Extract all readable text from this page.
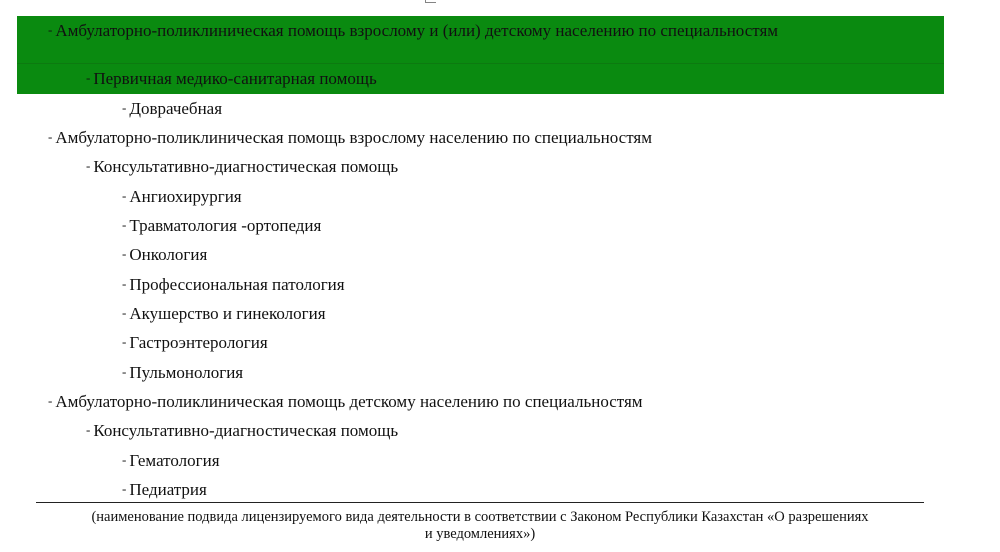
- Амбулаторно-поликлиническая помощь взрослому и (или) детскому населению по специальностям
- Первичная медико-санитарная помощь
- Доврачебная
- Амбулаторно-поликлиническая помощь взрослому населению по специальностям
- Консультативно-диагностическая помощь
- Ангиохирургия
- Травматология -ортопедия
- Онкология
- Профессиональная патология
- Акушерство и гинекология
- Гастроэнтерология
- Пульмонология
- Амбулаторно-поликлиническая помощь детскому населению по специальностям
- Консультативно-диагностическая помощь
- Гематология
- Педиатрия
(наименование подвида лицензируемого вида деятельности в соответствии с Законом Республики Казахстан «О разрешениях
и уведомлениях»)
